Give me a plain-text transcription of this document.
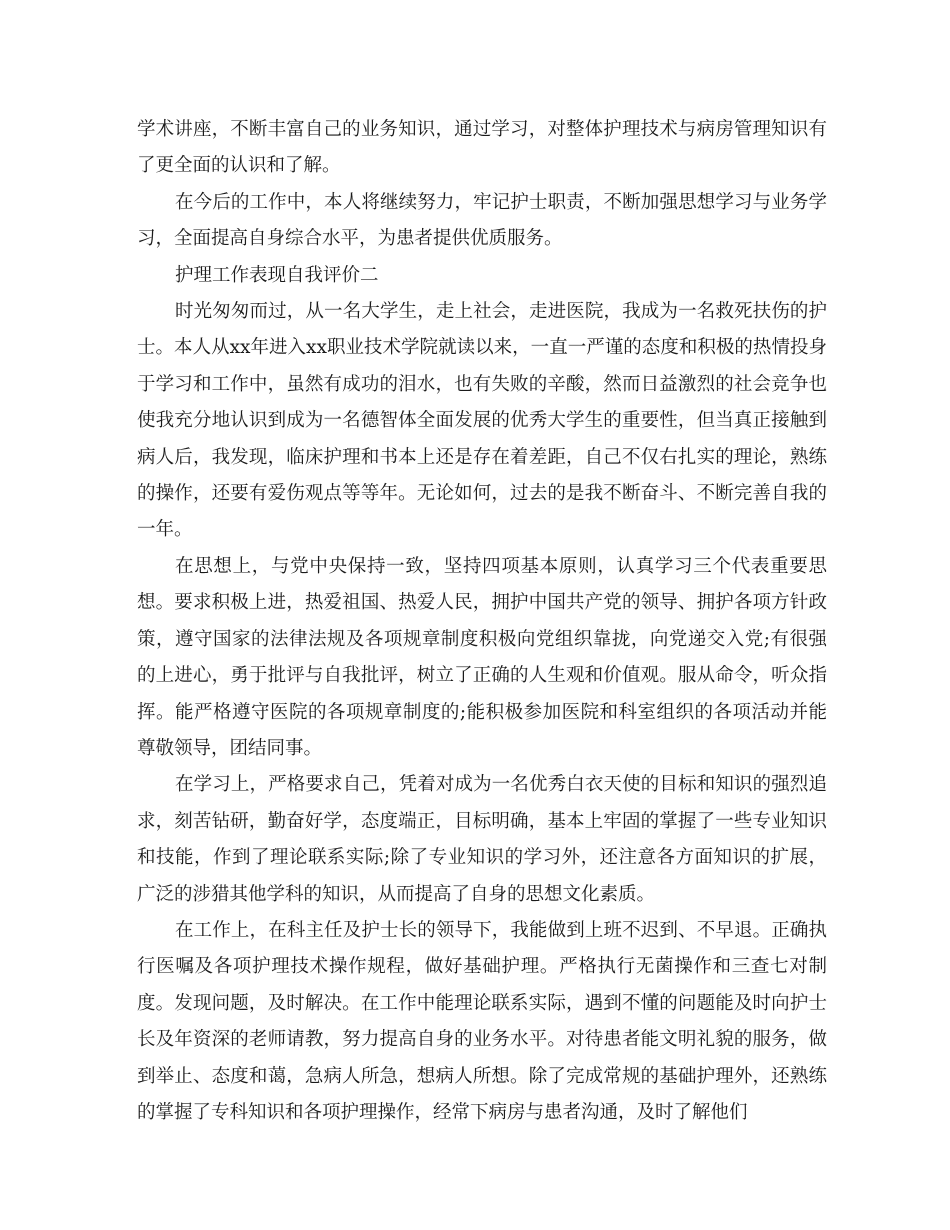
学术讲座，不断丰富自己的业务知识，通过学习，对整体护理技术与病房管理知识有了更全面的认识和了解。

在今后的工作中，本人将继续努力，牢记护士职责，不断加强思想学习与业务学习，全面提高自身综合水平，为患者提供优质服务。

护理工作表现自我评价二

时光匆匆而过，从一名大学生，走上社会，走进医院，我成为一名救死扶伤的护士。本人从xx年进入xx职业技术学院就读以来，一直一严谨的态度和积极的热情投身于学习和工作中，虽然有成功的泪水，也有失败的辛酸，然而日益激烈的社会竞争也使我充分地认识到成为一名德智体全面发展的优秀大学生的重要性，但当真正接触到病人后，我发现，临床护理和书本上还是存在着差距，自己不仅右扎实的理论，熟练的操作，还要有爱伤观点等等年。无论如何，过去的是我不断奋斗、不断完善自我的一年。

在思想上，与党中央保持一致，坚持四项基本原则，认真学习三个代表重要思想。要求积极上进，热爱祖国、热爱人民，拥护中国共产党的领导、拥护各项方针政策，遵守国家的法律法规及各项规章制度积极向党组织靠拢，向党递交入党;有很强的上进心，勇于批评与自我批评，树立了正确的人生观和价值观。服从命令，听众指挥。能严格遵守医院的各项规章制度的;能积极参加医院和科室组织的各项活动并能尊敬领导，团结同事。

在学习上，严格要求自己，凭着对成为一名优秀白衣天使的目标和知识的强烈追求，刻苦钻研，勤奋好学，态度端正，目标明确，基本上牢固的掌握了一些专业知识和技能，作到了理论联系实际;除了专业知识的学习外，还注意各方面知识的扩展，广泛的涉猎其他学科的知识，从而提高了自身的思想文化素质。

在工作上，在科主任及护士长的领导下，我能做到上班不迟到、不早退。正确执行医嘱及各项护理技术操作规程，做好基础护理。严格执行无菌操作和三查七对制度。发现问题，及时解决。在工作中能理论联系实际，遇到不懂的问题能及时向护士长及年资深的老师请教，努力提高自身的业务水平。对待患者能文明礼貌的服务，做到举止、态度和蔼，急病人所急，想病人所想。除了完成常规的基础护理外，还熟练的掌握了专科知识和各项护理操作，经常下病房与患者沟通，及时了解他们
